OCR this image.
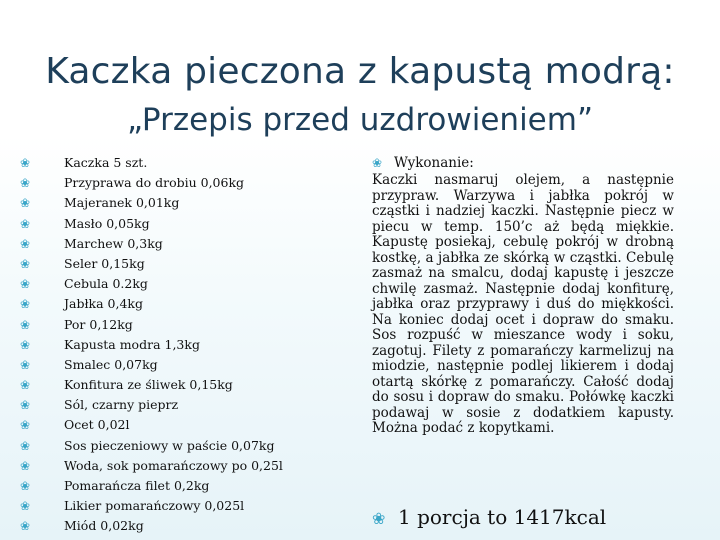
Kaczka pieczona z kapustą modrą:
„Przepis przed uzdrowieniem”
❀	Kaczka 5 szt.
❀	Przyprawa do drobiu 0,06kg
❀	Majeranek 0,01kg
❀	Masło 0,05kg
❀	Marchew 0,3kg
❀	Seler 0,15kg
❀	Cebula 0.2kg
❀	Jabłka 0,4kg
❀	Por 0,12kg
❀	Kapusta modra 1,3kg
❀	Smalec 0,07kg
❀	Konfitura ze śliwek 0,15kg
❀	Sól, czarny pieprz
❀	Ocet 0,02l
❀	Sos pieczeniowy w paście 0,07kg
❀	Woda, sok pomarańczowy po 0,25l
❀	Pomarańcza filet 0,2kg
❀	Likier pomarańczowy 0,025l
❀	Miód 0,02kg
❀ Wykonanie:

Kaczki nasmaruj olejem, a następnie przypraw. Warzywa i jabłka pokrój w cząstki i nadziej kaczki. Następnie piecz w piecu w temp. 150’c aż będą miękkie. Kapustę posiekaj, cebulę pokrój w drobną kostkę, a jabłka ze skórką w cząstki. Cebulę zasmaż na smalcu, dodaj kapustę i jeszcze chwilę zasmaż. Następnie dodaj konfiturę, jabłka oraz przyprawy i duś do miękkości. Na koniec dodaj ocet i dopraw do smaku. Sos rozpuść w mieszance wody i soku, zagotuj. Filety z pomarańczy karmelizuj na miodzie, następnie podlej likierem i dodaj otartą skórkę z pomarańczy. Całość dodaj do sosu i dopraw do smaku. Połówkę kaczki podawaj w sosie z dodatkiem kapusty. Można podać z kopytkami.

❀ 1 porcja to 1417kcal
